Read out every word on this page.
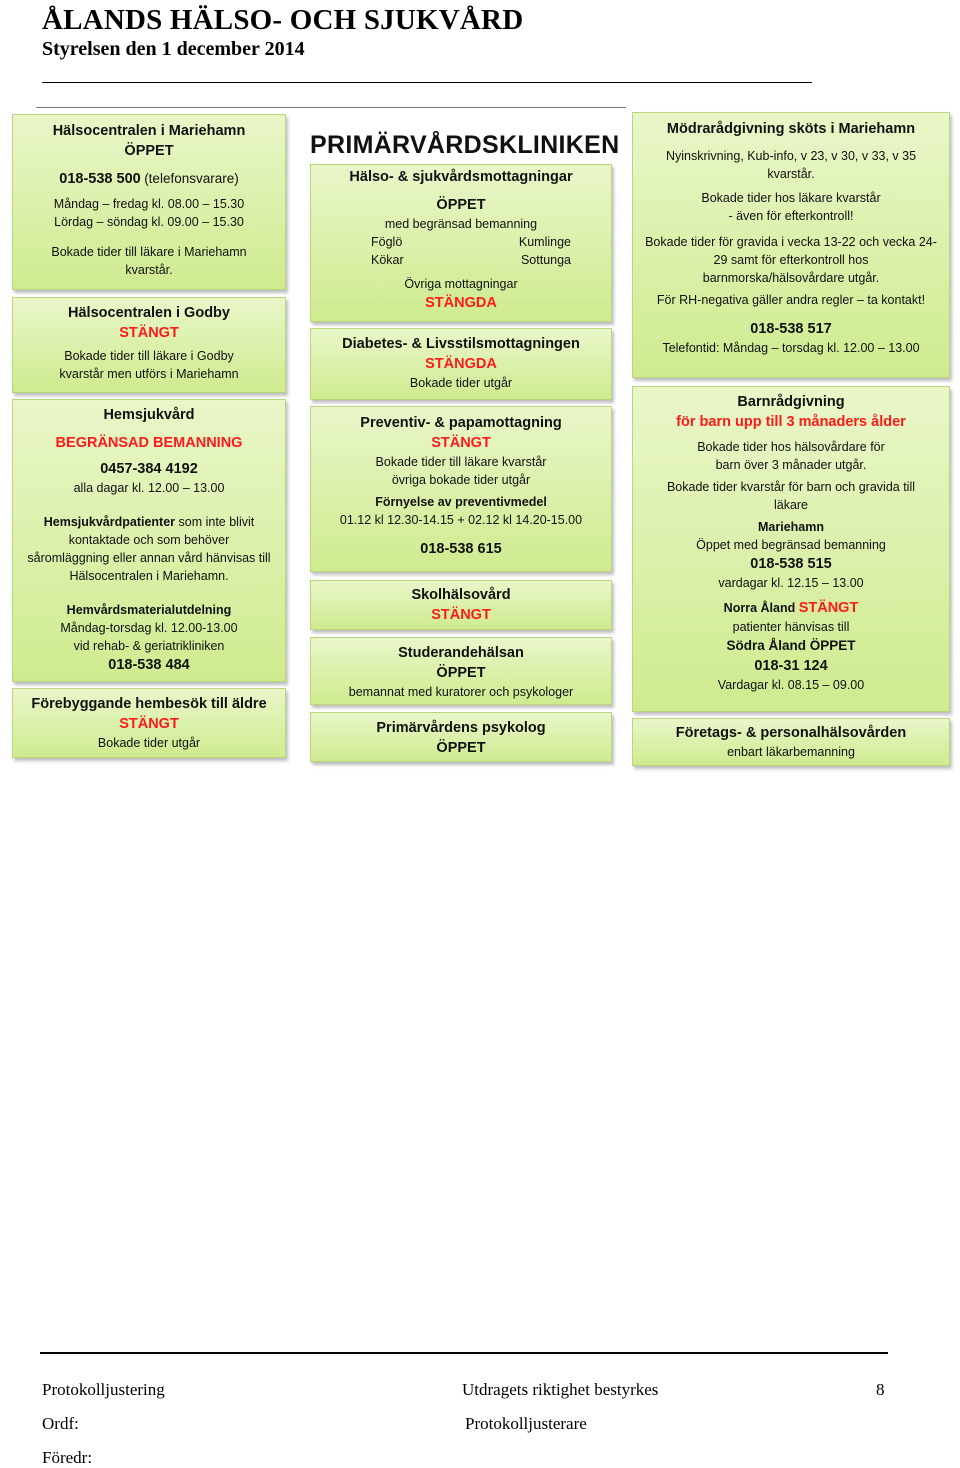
ÅLANDS HÄLSO- OCH SJUKVÅRD
Styrelsen den 1 december 2014
Hälsocentralen i Mariehamn
ÖPPET
018-538 500 (telefonsvarare)
Måndag – fredag kl. 08.00 – 15.30
Lördag – söndag kl. 09.00 – 15.30
Bokade tider till läkare i Mariehamn kvarstår.
Hälsocentralen i Godby
STÄNGT
Bokade tider till läkare i Godby kvarstår men utförs i Mariehamn
Hemsjukvård
BEGRÄNSAD BEMANNING
0457-384 4192
alla dagar kl. 12.00 – 13.00
Hemsjukvårdpatienter som inte blivit kontaktade och som behöver såromläggning eller annan vård hänvisas till Hälsocentralen i Mariehamn.
Hemvårdsmaterialutdelning
Måndag-torsdag kl. 12.00-13.00
vid rehab- & geriatrikliniken
018-538 484
Förebyggande hembesök till äldre
STÄNGT
Bokade tider utgår
PRIMÄRVÅRDSKLINIKEN
Hälso- & sjukvårdsmottagningar
ÖPPET
med begränsad bemanning
Föglö	Kumlinge
Kökar	Sottunga
Övriga mottagningar
STÄNGDA
Diabetes- & Livsstilsmottagningen
STÄNGDA
Bokade tider utgår
Preventiv- & papamottagning
STÄNGT
Bokade tider till läkare kvarstår
övriga bokade tider utgår
Förnyelse av preventivmedel
01.12 kl 12.30-14.15 + 02.12 kl 14.20-15.00
018-538 615
Skolhälsovård
STÄNGT
Studerandehälsan
ÖPPET
bemannat med kuratorer och psykologer
Primärvårdens psykolog
ÖPPET
Mödrarådgivning sköts i Mariehamn
Nyinskrivning, Kub-info, v 23, v 30, v 33, v 35 kvarstår.
Bokade tider hos läkare kvarstår
- även för efterkontroll!
Bokade tider för gravida i vecka 13-22 och vecka 24-29 samt för efterkontroll hos barnmorska/hälsovårdare utgår.
För RH-negativa gäller andra regler – ta kontakt!
018-538 517
Telefontid: Måndag – torsdag kl. 12.00 – 13.00
Barnrådgivning
för barn upp till 3 månaders ålder
Bokade tider hos hälsovårdare för barn över 3 månader utgår.
Bokade tider kvarstår för barn och gravida till läkare
Mariehamn
Öppet med begränsad bemanning
018-538 515
vardagar kl. 12.15 – 13.00
Norra Åland STÄNGT
patienter hänvisas till
Södra Åland ÖPPET
018-31 124
Vardagar kl. 08.15 – 09.00
Företags- & personalhälsovården
enbart läkarbemanning
Protokolljustering	Utdragets riktighet bestyrkes	8
Ordf:	Protokolljusterare
Föredr:
